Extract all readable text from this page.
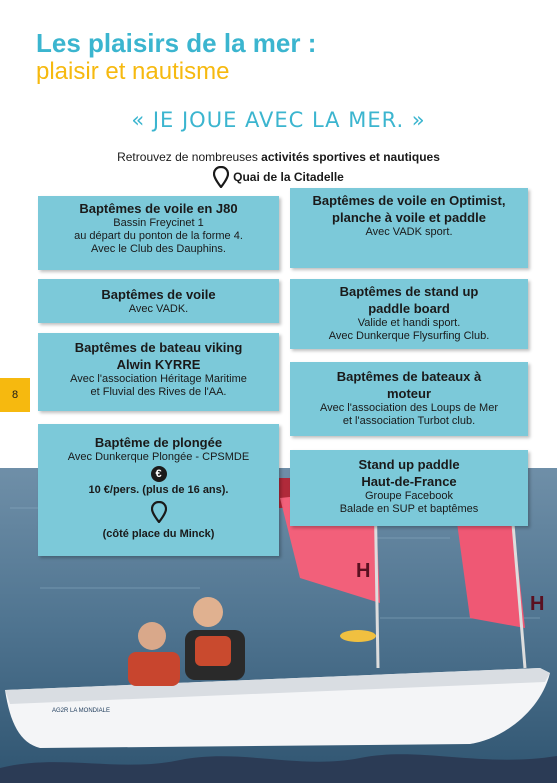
Les plaisirs de la mer :
plaisir et nautisme
« JE JOUE AVEC LA MER. »
Retrouvez de nombreuses activités sportives et nautiques
Quai de la Citadelle
AG2R LA MONDIALE
H
H
8
Baptêmes de voile en J80
Bassin Freycinet 1
au départ du ponton de la forme 4.
Avec le Club des Dauphins.
Baptêmes de voile
Avec VADK.
Baptêmes de bateau viking Alwin KYRRE
Avec l'association Héritage Maritime
et Fluvial des Rives de l'AA.
Baptême de plongée
Avec Dunkerque Plongée - CPSMDE
€
10 €/pers. (plus de 16 ans).
(côté place du Minck)
Baptêmes de voile en Optimist, planche à voile et paddle
Avec VADK sport.
Baptêmes de stand up paddle board
Valide et handi sport.
Avec Dunkerque Flysurfing Club.
Baptêmes de bateaux à moteur
Avec l'association des Loups de Mer
et l'association Turbot club.
Stand up paddle Haut-de-France
Groupe Facebook
Balade en SUP et baptêmes
